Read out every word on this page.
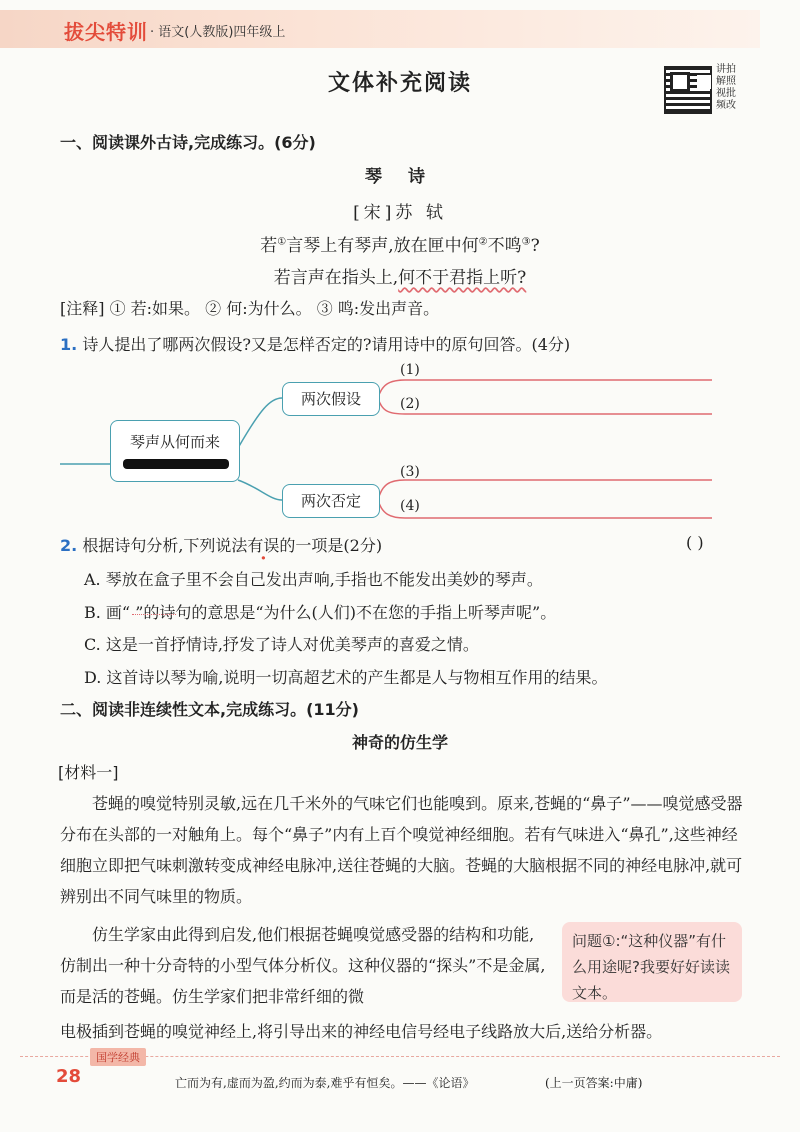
拔尖特训 · 语文(人教版)四年级上
讲拍解照视批频改
文体补充阅读
一、阅读课外古诗,完成练习。(6分)
琴 诗
[宋]苏 轼
若①言琴上有琴声,放在匣中何②不鸣③?
若言声在指头上,何不于君指上听?
[注释] ① 若:如果。 ② 何:为什么。 ③ 鸣:发出声音。
1. 诗人提出了哪两次假设?又是怎样否定的?请用诗中的原句回答。(4分)
琴声从何而来
两次假设
两次否定
(1)
(2)
(3)
(4)
2. 根据诗句分析,下列说法有误的一项是(2分)	( )
A. 琴放在盒子里不会自己发出声响,手指也不能发出美妙的琴声。
B. 画“ ”的诗句的意思是“为什么(人们)不在您的手指上听琴声呢”。
C. 这是一首抒情诗,抒发了诗人对优美琴声的喜爱之情。
D. 这首诗以琴为喻,说明一切高超艺术的产生都是人与物相互作用的结果。
二、阅读非连续性文本,完成练习。(11分)
神奇的仿生学
[材料一]
苍蝇的嗅觉特别灵敏,远在几千米外的气味它们也能嗅到。原来,苍蝇的“鼻子”——嗅觉感受器分布在头部的一对触角上。每个“鼻子”内有上百个嗅觉神经细胞。若有气味进入“鼻孔”,这些神经细胞立即把气味刺激转变成神经电脉冲,送往苍蝇的大脑。苍蝇的大脑根据不同的神经电脉冲,就可辨别出不同气味里的物质。
仿生学家由此得到启发,他们根据苍蝇嗅觉感受器的结构和功能,仿制出一种十分奇特的小型气体分析仪。这种仪器的“探头”不是金属,而是活的苍蝇。仿生学家们把非常纤细的微
电极插到苍蝇的嗅觉神经上,将引导出来的神经电信号经电子线路放大后,送给分析器。
问题①:“这种仪器”有什么用途呢?我要好好读读文本。
国学经典
28	亡而为有,虚而为盈,约而为泰,难乎有恒矣。——《论语》	(上一页答案:中庸)
